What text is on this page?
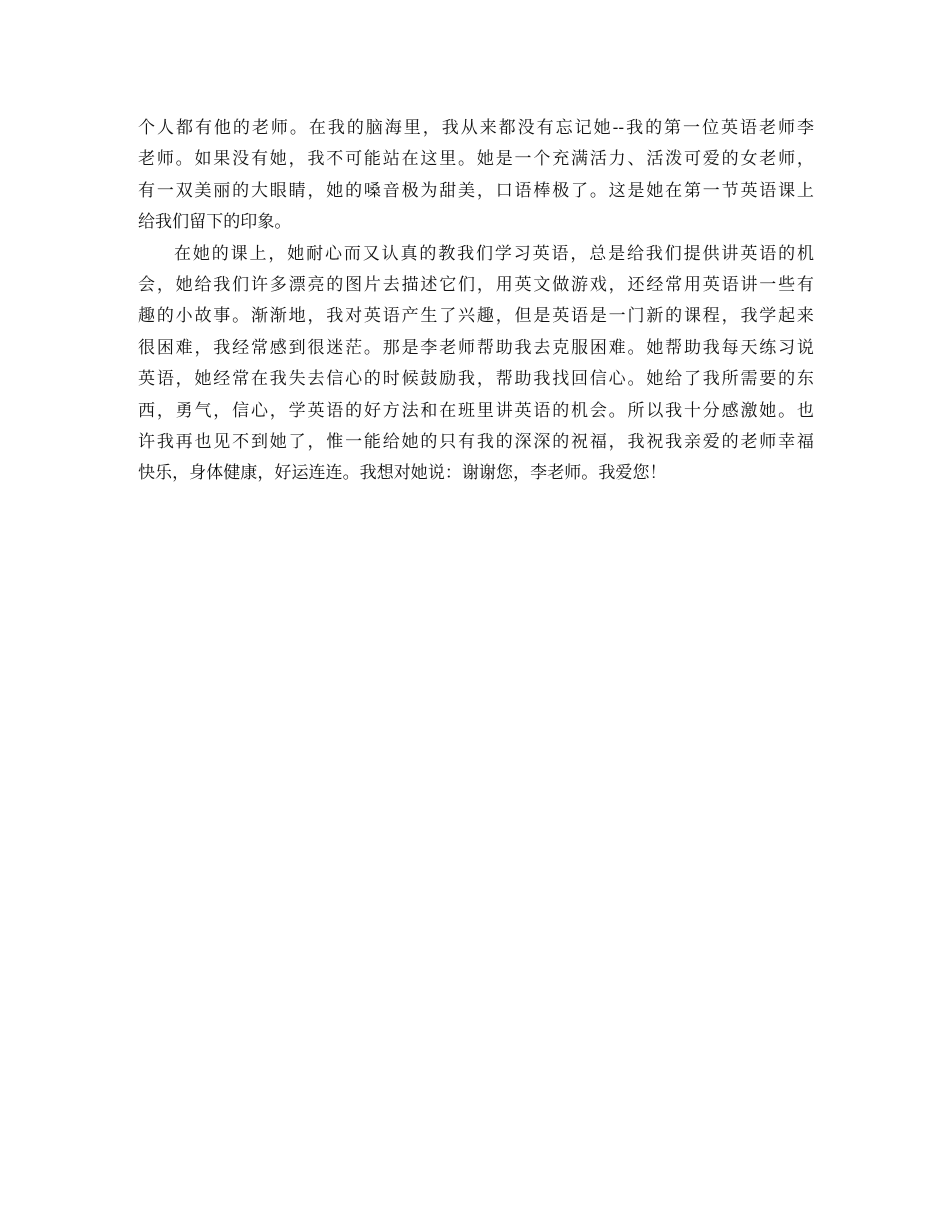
个人都有他的老师。在我的脑海里，我从来都没有忘记她--我的第一位英语老师李
老师。如果没有她，我不可能站在这里。她是一个充满活力、活泼可爱的女老师，
有一双美丽的大眼睛，她的嗓音极为甜美，口语棒极了。这是她在第一节英语课上
给我们留下的印象。
在她的课上，她耐心而又认真的教我们学习英语，总是给我们提供讲英语的机
会，她给我们许多漂亮的图片去描述它们，用英文做游戏，还经常用英语讲一些有
趣的小故事。渐渐地，我对英语产生了兴趣，但是英语是一门新的课程，我学起来
很困难，我经常感到很迷茫。那是李老师帮助我去克服困难。她帮助我每天练习说
英语，她经常在我失去信心的时候鼓励我，帮助我找回信心。她给了我所需要的东
西，勇气，信心，学英语的好方法和在班里讲英语的机会。所以我十分感激她。也
许我再也见不到她了，惟一能给她的只有我的深深的祝福，我祝我亲爱的老师幸福
快乐，身体健康，好运连连。我想对她说：谢谢您，李老师。我爱您！
